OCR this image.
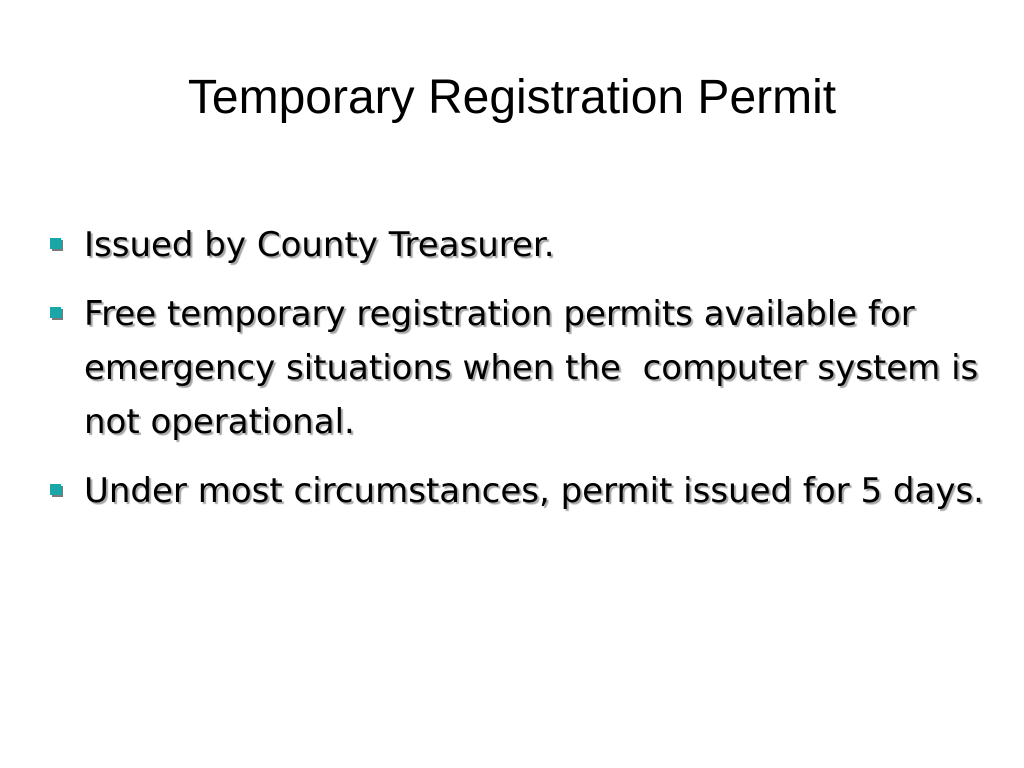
Temporary Registration Permit
Issued by County Treasurer.
Free temporary registration permits available for emergency situations when the  computer system is not operational.
Under most circumstances, permit issued for 5 days.
